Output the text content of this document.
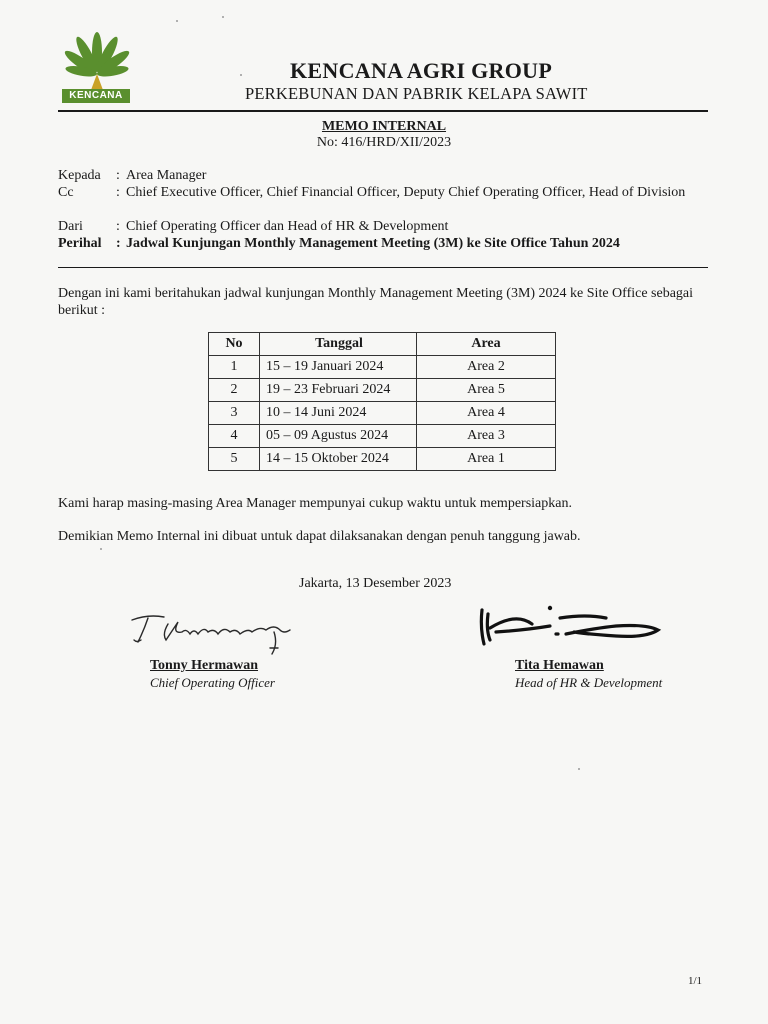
KENCANA
KENCANA AGRI GROUP
PERKEBUNAN DAN PABRIK KELAPA SAWIT
MEMO INTERNAL
No: 416/HRD/XII/2023
Kepada : Area Manager
Cc	: Chief Executive Officer, Chief Financial Officer, Deputy Chief Operating Officer, Head of Division
Dari : Chief Operating Officer dan Head of HR & Development
Perihal : Jadwal Kunjungan Monthly Management Meeting (3M) ke Site Office Tahun 2024
Dengan ini kami beritahukan jadwal kunjungan Monthly Management Meeting (3M) 2024 ke Site Office sebagai berikut :
No	Tanggal	Area
1	15 – 19 Januari 2024	Area 2
2	19 – 23 Februari 2024	Area 5
3	10 – 14 Juni 2024	Area 4
4	05 – 09 Agustus 2024	Area 3
5	14 – 15 Oktober 2024	Area 1
Kami harap masing-masing Area Manager mempunyai cukup waktu untuk mempersiapkan.
Demikian Memo Internal ini dibuat untuk dapat dilaksanakan dengan penuh tanggung jawab.
Jakarta, 13 Desember 2023
Tonny Hermawan
Chief Operating Officer
Tita Hemawan
Head of HR & Development
1/1
